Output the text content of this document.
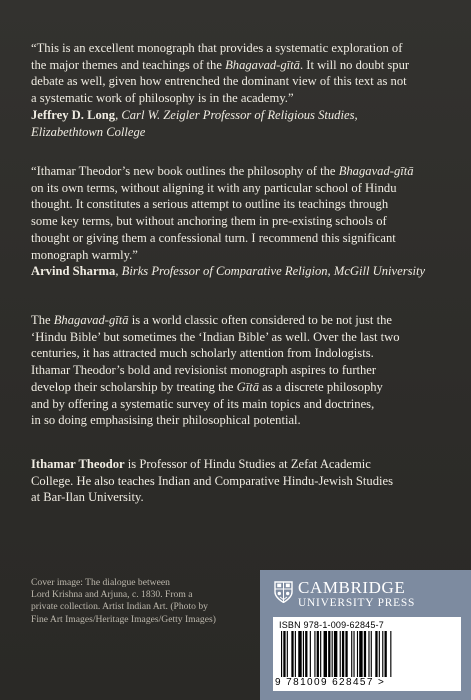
“This is an excellent monograph that provides a systematic exploration of

the major themes and teachings of the Bhagavad-gītā. It will no doubt spur

debate as well, given how entrenched the dominant view of this text as not

a systematic work of philosophy is in the academy.”

Jeffrey D. Long, Carl W. Zeigler Professor of Religious Studies,

Elizabethtown College

“Ithamar Theodor’s new book outlines the philosophy of the Bhagavad-gītā

on its own terms, without aligning it with any particular school of Hindu

thought. It constitutes a serious attempt to outline its teachings through

some key terms, but without anchoring them in pre-existing schools of

thought or giving them a confessional turn. I recommend this significant

monograph warmly.”

Arvind Sharma, Birks Professor of Comparative Religion, McGill University

The Bhagavad-gītā is a world classic often considered to be not just the

‘Hindu Bible’ but sometimes the ‘Indian Bible’ as well. Over the last two

centuries, it has attracted much scholarly attention from Indologists.

Ithamar Theodor’s bold and revisionist monograph aspires to further

develop their scholarship by treating the Gītā as a discrete philosophy

and by offering a systematic survey of its main topics and doctrines,

in so doing emphasising their philosophical potential.

Ithamar Theodor is Professor of Hindu Studies at Zefat Academic

College. He also teaches Indian and Comparative Hindu-Jewish Studies

at Bar-Ilan University.

Cover image: The dialogue between
Lord Krishna and Arjuna, c. 1830. From a
private collection. Artist Indian Art. (Photo by
Fine Art Images/Heritage Images/Getty Images)
CAMBRIDGE
UNIVERSITY PRESS
ISBN 978-1-009-62845-7
9 781009 628457 >
